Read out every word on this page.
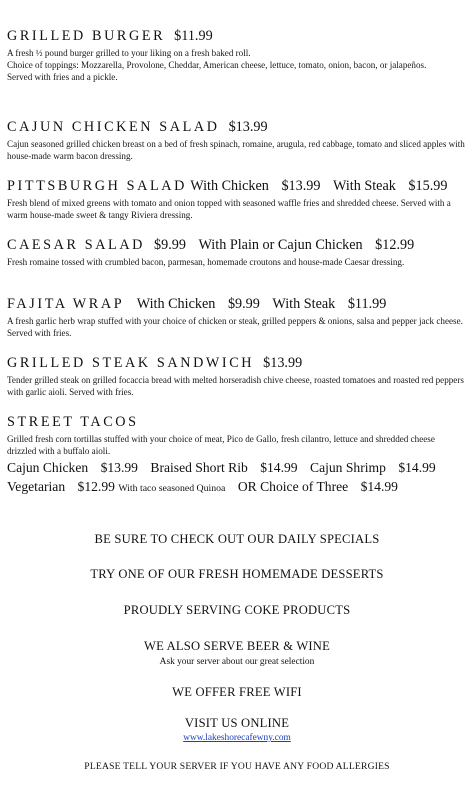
GRILLED BURGER $11.99
A fresh ½ pound burger grilled to your liking on a fresh baked roll.
Choice of toppings: Mozzarella, Provolone, Cheddar, American cheese, lettuce, tomato, onion, bacon, or jalapeños.
Served with fries and a pickle.
CAJUN CHICKEN SALAD $13.99
Cajun seasoned grilled chicken breast on a bed of fresh spinach, romaine, arugula, red cabbage, tomato and sliced apples with house-made warm bacon dressing.
PITTSBURGH SALAD With Chicken $13.99 With Steak $15.99
Fresh blend of mixed greens with tomato and onion topped with seasoned waffle fries and shredded cheese. Served with a warm house-made sweet & tangy Riviera dressing.
CAESAR SALAD $9.99 With Plain or Cajun Chicken $12.99
Fresh romaine tossed with crumbled bacon, parmesan, homemade croutons and house-made Caesar dressing.
FAJITA WRAP With Chicken $9.99 With Steak $11.99
A fresh garlic herb wrap stuffed with your choice of chicken or steak, grilled peppers & onions, salsa and pepper jack cheese. Served with fries.
GRILLED STEAK SANDWICH $13.99
Tender grilled steak on grilled focaccia bread with melted horseradish chive cheese, roasted tomatoes and roasted red peppers with garlic aioli. Served with fries.
STREET TACOS
Grilled fresh corn tortillas stuffed with your choice of meat, Pico de Gallo, fresh cilantro, lettuce and shredded cheese drizzled with a buffalo aioli.
Cajun Chicken $13.99 Braised Short Rib $14.99 Cajun Shrimp $14.99
Vegetarian $12.99 With taco seasoned Quinoa OR Choice of Three $14.99
BE SURE TO CHECK OUT OUR DAILY SPECIALS
TRY ONE OF OUR FRESH HOMEMADE DESSERTS
PROUDLY SERVING COKE PRODUCTS
WE ALSO SERVE BEER & WINE
Ask your server about our great selection
WE OFFER FREE WIFI
VISIT US ONLINE
www.lakeshorecafewny.com
PLEASE TELL YOUR SERVER IF YOU HAVE ANY FOOD ALLERGIES
